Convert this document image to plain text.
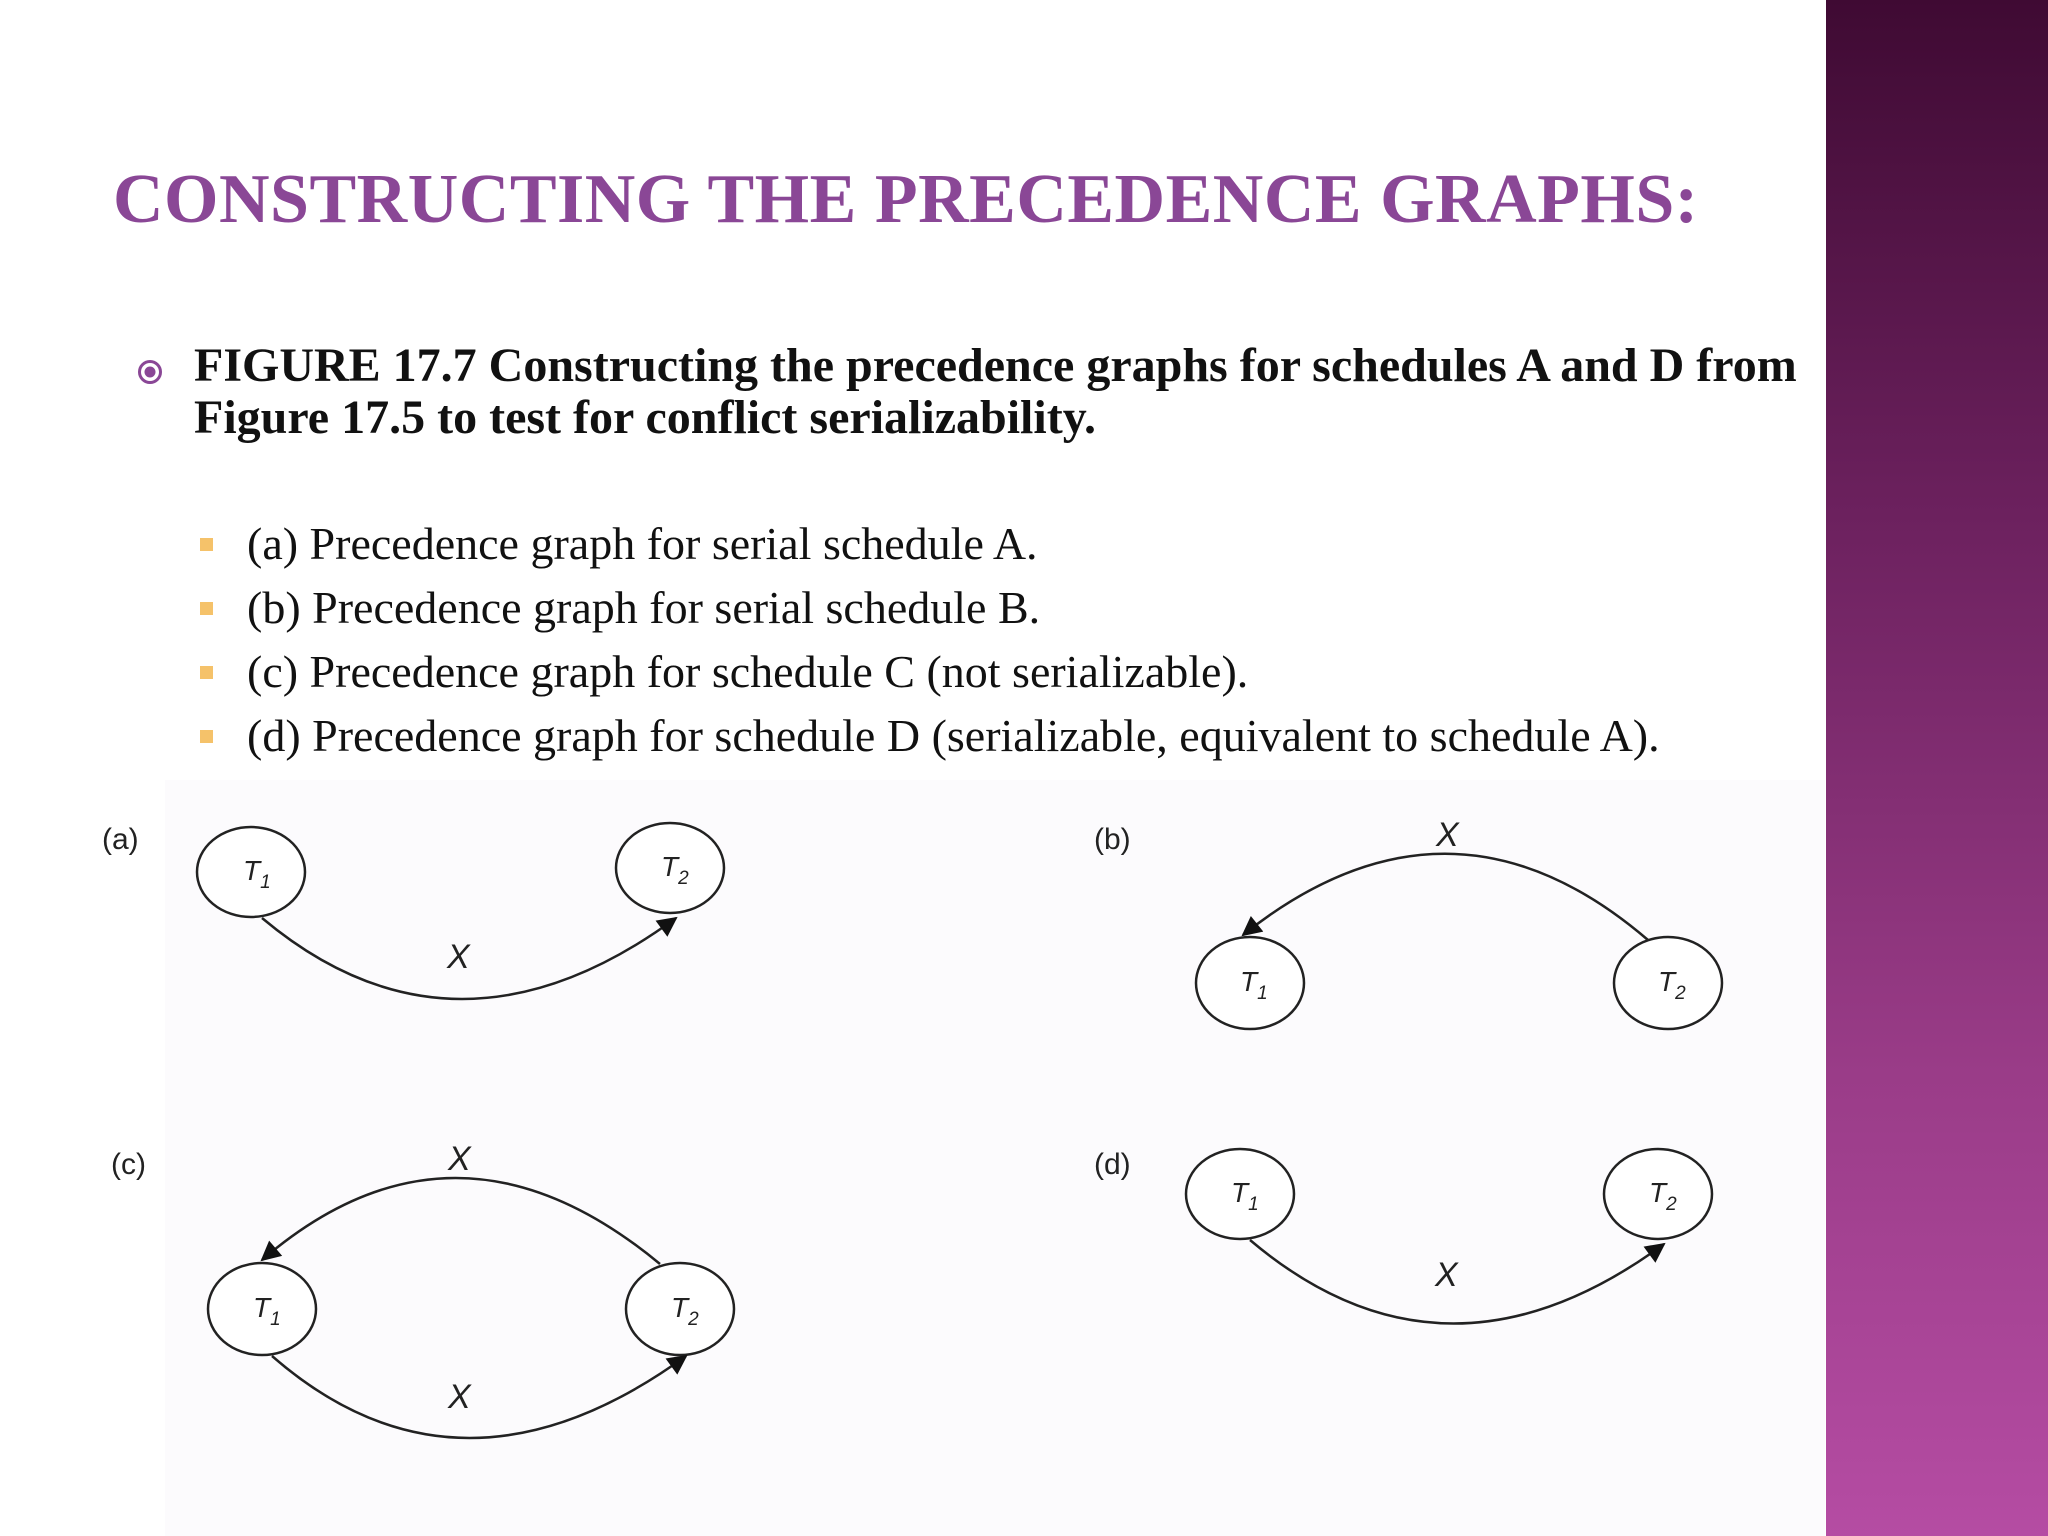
CONSTRUCTING THE PRECEDENCE GRAPHS:
FIGURE 17.7 Constructing the precedence graphs for schedules A and D from Figure 17.5 to test for conflict serializability.
(a) Precedence graph for serial schedule A.
(b) Precedence graph for serial schedule B.
(c) Precedence graph for schedule C (not serializable).
(d) Precedence graph for schedule D (serializable, equivalent to schedule A).
(a)
$T_1$
$T_2$
X
(b)	X
$T_1$	$T_2$
(c)	X
$T_1$	$T_2$
X
(d)
$T_1$	$T_2$
X
